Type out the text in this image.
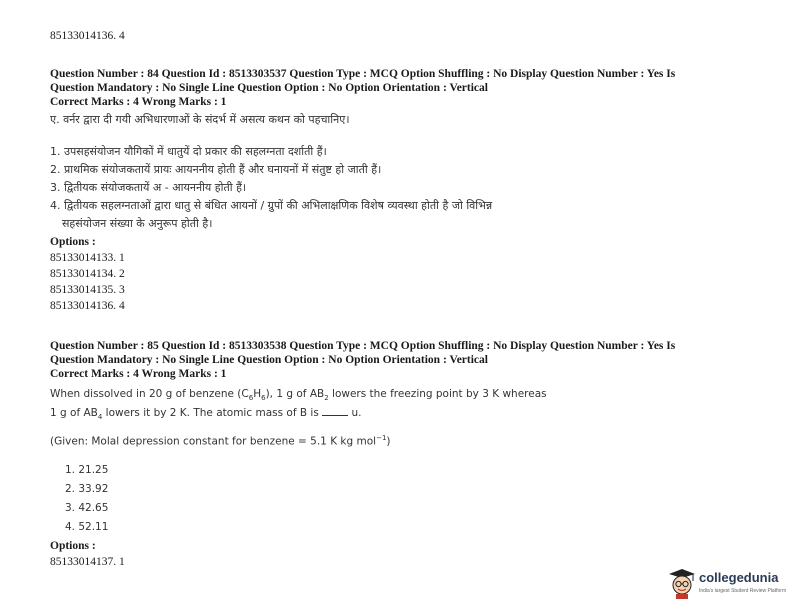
85133014136. 4
Question Number : 84 Question Id : 8513303537 Question Type : MCQ Option Shuffling : No Display Question Number : Yes Is
Question Mandatory : No Single Line Question Option : No Option Orientation : Vertical
Correct Marks : 4 Wrong Marks : 1
ए. वर्नर द्वारा दी गयी अभिधारणाओं के संदर्भ में असत्य कथन को पहचानिए।
1. उपसहसंयोजन यौगिकों में धातुयें दो प्रकार की सहलग्नता दर्शाती हैं।
2. प्राथमिक संयोजकतायें प्रायः आयननीय होती हैं और घनायनों में संतुष्ट हो जाती हैं।
3. द्वितीयक संयोजकतायें अ - आयननीय होती हैं।
4. द्वितीयक सहलग्नताओं द्वारा धातु से बंधित आयनों / ग्रुपों की अभिलाक्षणिक विशेष व्यवस्था होती है जो विभिन्न
सहसंयोजन संख्या के अनुरूप होती है।
Options :
85133014133. 1
85133014134. 2
85133014135. 3
85133014136. 4
Question Number : 85 Question Id : 8513303538 Question Type : MCQ Option Shuffling : No Display Question Number : Yes Is
Question Mandatory : No Single Line Question Option : No Option Orientation : Vertical
Correct Marks : 4 Wrong Marks : 1
When dissolved in 20 g of benzene $(C_6H_6)$, 1 g of $AB_2$ lowers the freezing point by 3 K whereas
1 g of $AB_4$ lowers it by 2 K. The atomic mass of B is	u.
(Given: Molal depression constant for benzene = 5.1 K kg mol$^{-1}$)
1. 21.25
2. 33.92
3. 42.65
4. 52.11
Options :
85133014137. 1
collegedunia
India's largest Student Review Platform
